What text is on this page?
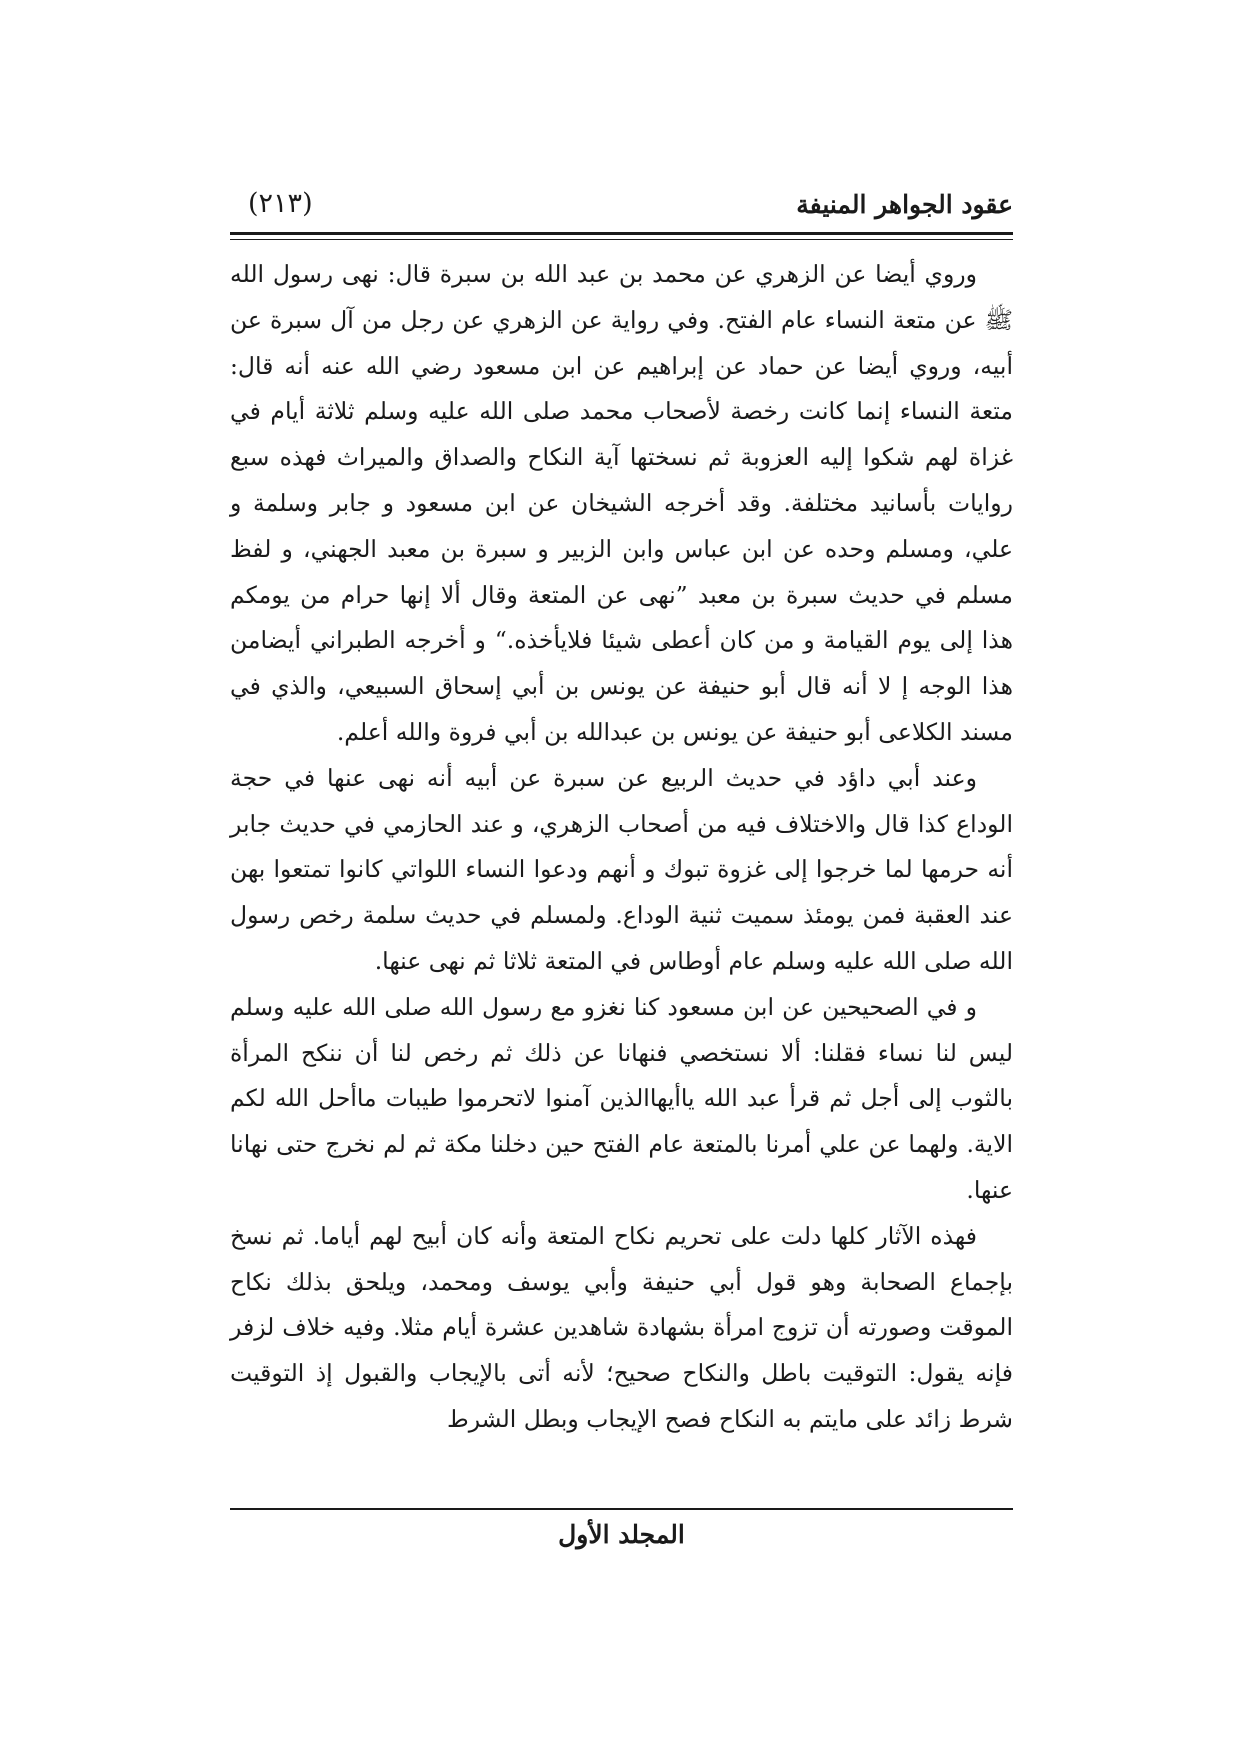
عقود الجواهر المنيفة
(٢١٣)

وروي أيضا عن الزهري عن محمد بن عبد الله بن سبرة قال: نهى رسول الله ﷺ عن متعة النساء عام الفتح. وفي رواية عن الزهري عن رجل من آل سبرة عن أبيه، وروي أيضا عن حماد عن إبراهيم عن ابن مسعود رضي الله عنه أنه قال: متعة النساء إنما كانت رخصة لأصحاب محمد صلى الله عليه وسلم ثلاثة أيام في غزاة لهم شكوا إليه العزوبة ثم نسختها آية النكاح والصداق والميراث فهذه سبع روايات بأسانيد مختلفة. وقد أخرجه الشيخان عن ابن مسعود و جابر وسلمة و علي، ومسلم وحده عن ابن عباس وابن الزبير و سبرة بن معبد الجهني، و لفظ مسلم في حديث سبرة بن معبد ”نهى عن المتعة وقال ألا إنها حرام من يومكم هذا إلى يوم القيامة و من كان أعطى شيئا فلايأخذه.“ و أخرجه الطبراني أيضامن هذا الوجه إ لا أنه قال أبو حنيفة عن يونس بن أبي إسحاق السبيعي، والذي في مسند الكلاعى أبو حنيفة عن يونس بن عبدالله بن أبي فروة والله أعلم.

وعند أبي داؤد في حديث الربيع عن سبرة عن أبيه أنه نهى عنها في حجة الوداع كذا قال والاختلاف فيه من أصحاب الزهري، و عند الحازمي في حديث جابر أنه حرمها لما خرجوا إلى غزوة تبوك و أنهم ودعوا النساء اللواتي كانوا تمتعوا بهن عند العقبة فمن يومئذ سميت ثنية الوداع. ولمسلم في حديث سلمة رخص رسول الله صلى الله عليه وسلم عام أوطاس في المتعة ثلاثا ثم نهى عنها.

و في الصحيحين عن ابن مسعود كنا نغزو مع رسول الله صلى الله عليه وسلم ليس لنا نساء فقلنا: ألا نستخصي فنهانا عن ذلك ثم رخص لنا أن ننكح المرأة بالثوب إلى أجل ثم قرأ عبد الله ياأيهاالذين آمنوا لاتحرموا طيبات ماأحل الله لكم الاية. ولهما عن علي أمرنا بالمتعة عام الفتح حين دخلنا مكة ثم لم نخرج حتى نهانا عنها.

فهذه الآثار كلها دلت على تحريم نكاح المتعة وأنه كان أبيح لهم أياما. ثم نسخ بإجماع الصحابة وهو قول أبي حنيفة وأبي يوسف ومحمد، ويلحق بذلك نكاح الموقت وصورته أن تزوج امرأة بشهادة شاهدين عشرة أيام مثلا. وفيه خلاف لزفر فإنه يقول: التوقيت باطل والنكاح صحيح؛ لأنه أتى بالإيجاب والقبول إذ التوقيت شرط زائد على مايتم به النكاح فصح الإيجاب وبطل الشرط

المجلد الأول
